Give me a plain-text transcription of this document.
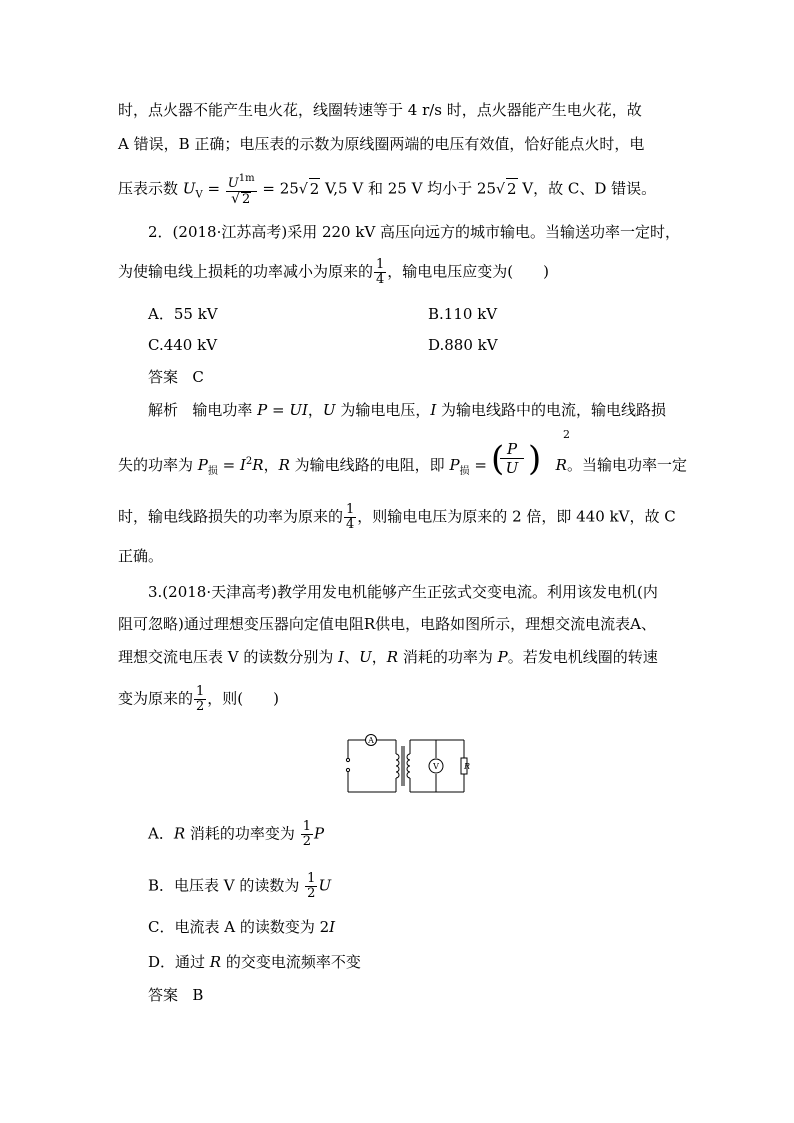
时，点火器不能产生电火花，线圈转速等于 4 r/s 时，点火器能产生电火花，故
A 错误，B 正确；电压表的示数为原线圈两端的电压有效值，恰好能点火时，电
压表示数 $U_V = \frac{U^{1m}}{√ 2} = 25√$ 2 V,5 V 和 25 V 均小于 25√ 2 V，故 C、D 错误。
2．(2018·江苏高考)采用 220 kV 高压向远方的城市输电。当输送功率一定时，
为使输电线上损耗的功率减小为原来的 $\frac{1}{4}$ ，输电电压应变为(　　)
A．55 kV	B.110 kV
C.440 kV	D.880 kV
答案 C
解析 输电功率 P = UI，U 为输电电压，I 为输电线路中的电流，输电线路损
失的功率为 $P_损 = I^2R$，R 为输电线路的电阻，即 $P_损$ =	R。当输电功率一定
( P
U )
2
时，输电线路损失的功率为原来的 $\frac{1}{4}$ ，则输电电压为原来的 2 倍，即 440 kV，故 C
正确。
3.(2018·天津高考)教学用发电机能够产生正弦式交变电流。利用该发电机(内
阻可忽略)通过理想变压器向定值电阻R供电，电路如图所示，理想交流电流表A、
理想交流电压表 V 的读数分别为 I、U，R 消耗的功率为 P。若发电机线圈的转速
变为原来的 $\frac{1}{2}$ ，则(　　)
A
V	R
A．R 消耗的功率变为 $\frac{1}{2}$ P
B．电压表 V 的读数为 $\frac{1}{2}$ U
C．电流表 A 的读数变为 2I
D．通过 R 的交变电流频率不变
答案 B
